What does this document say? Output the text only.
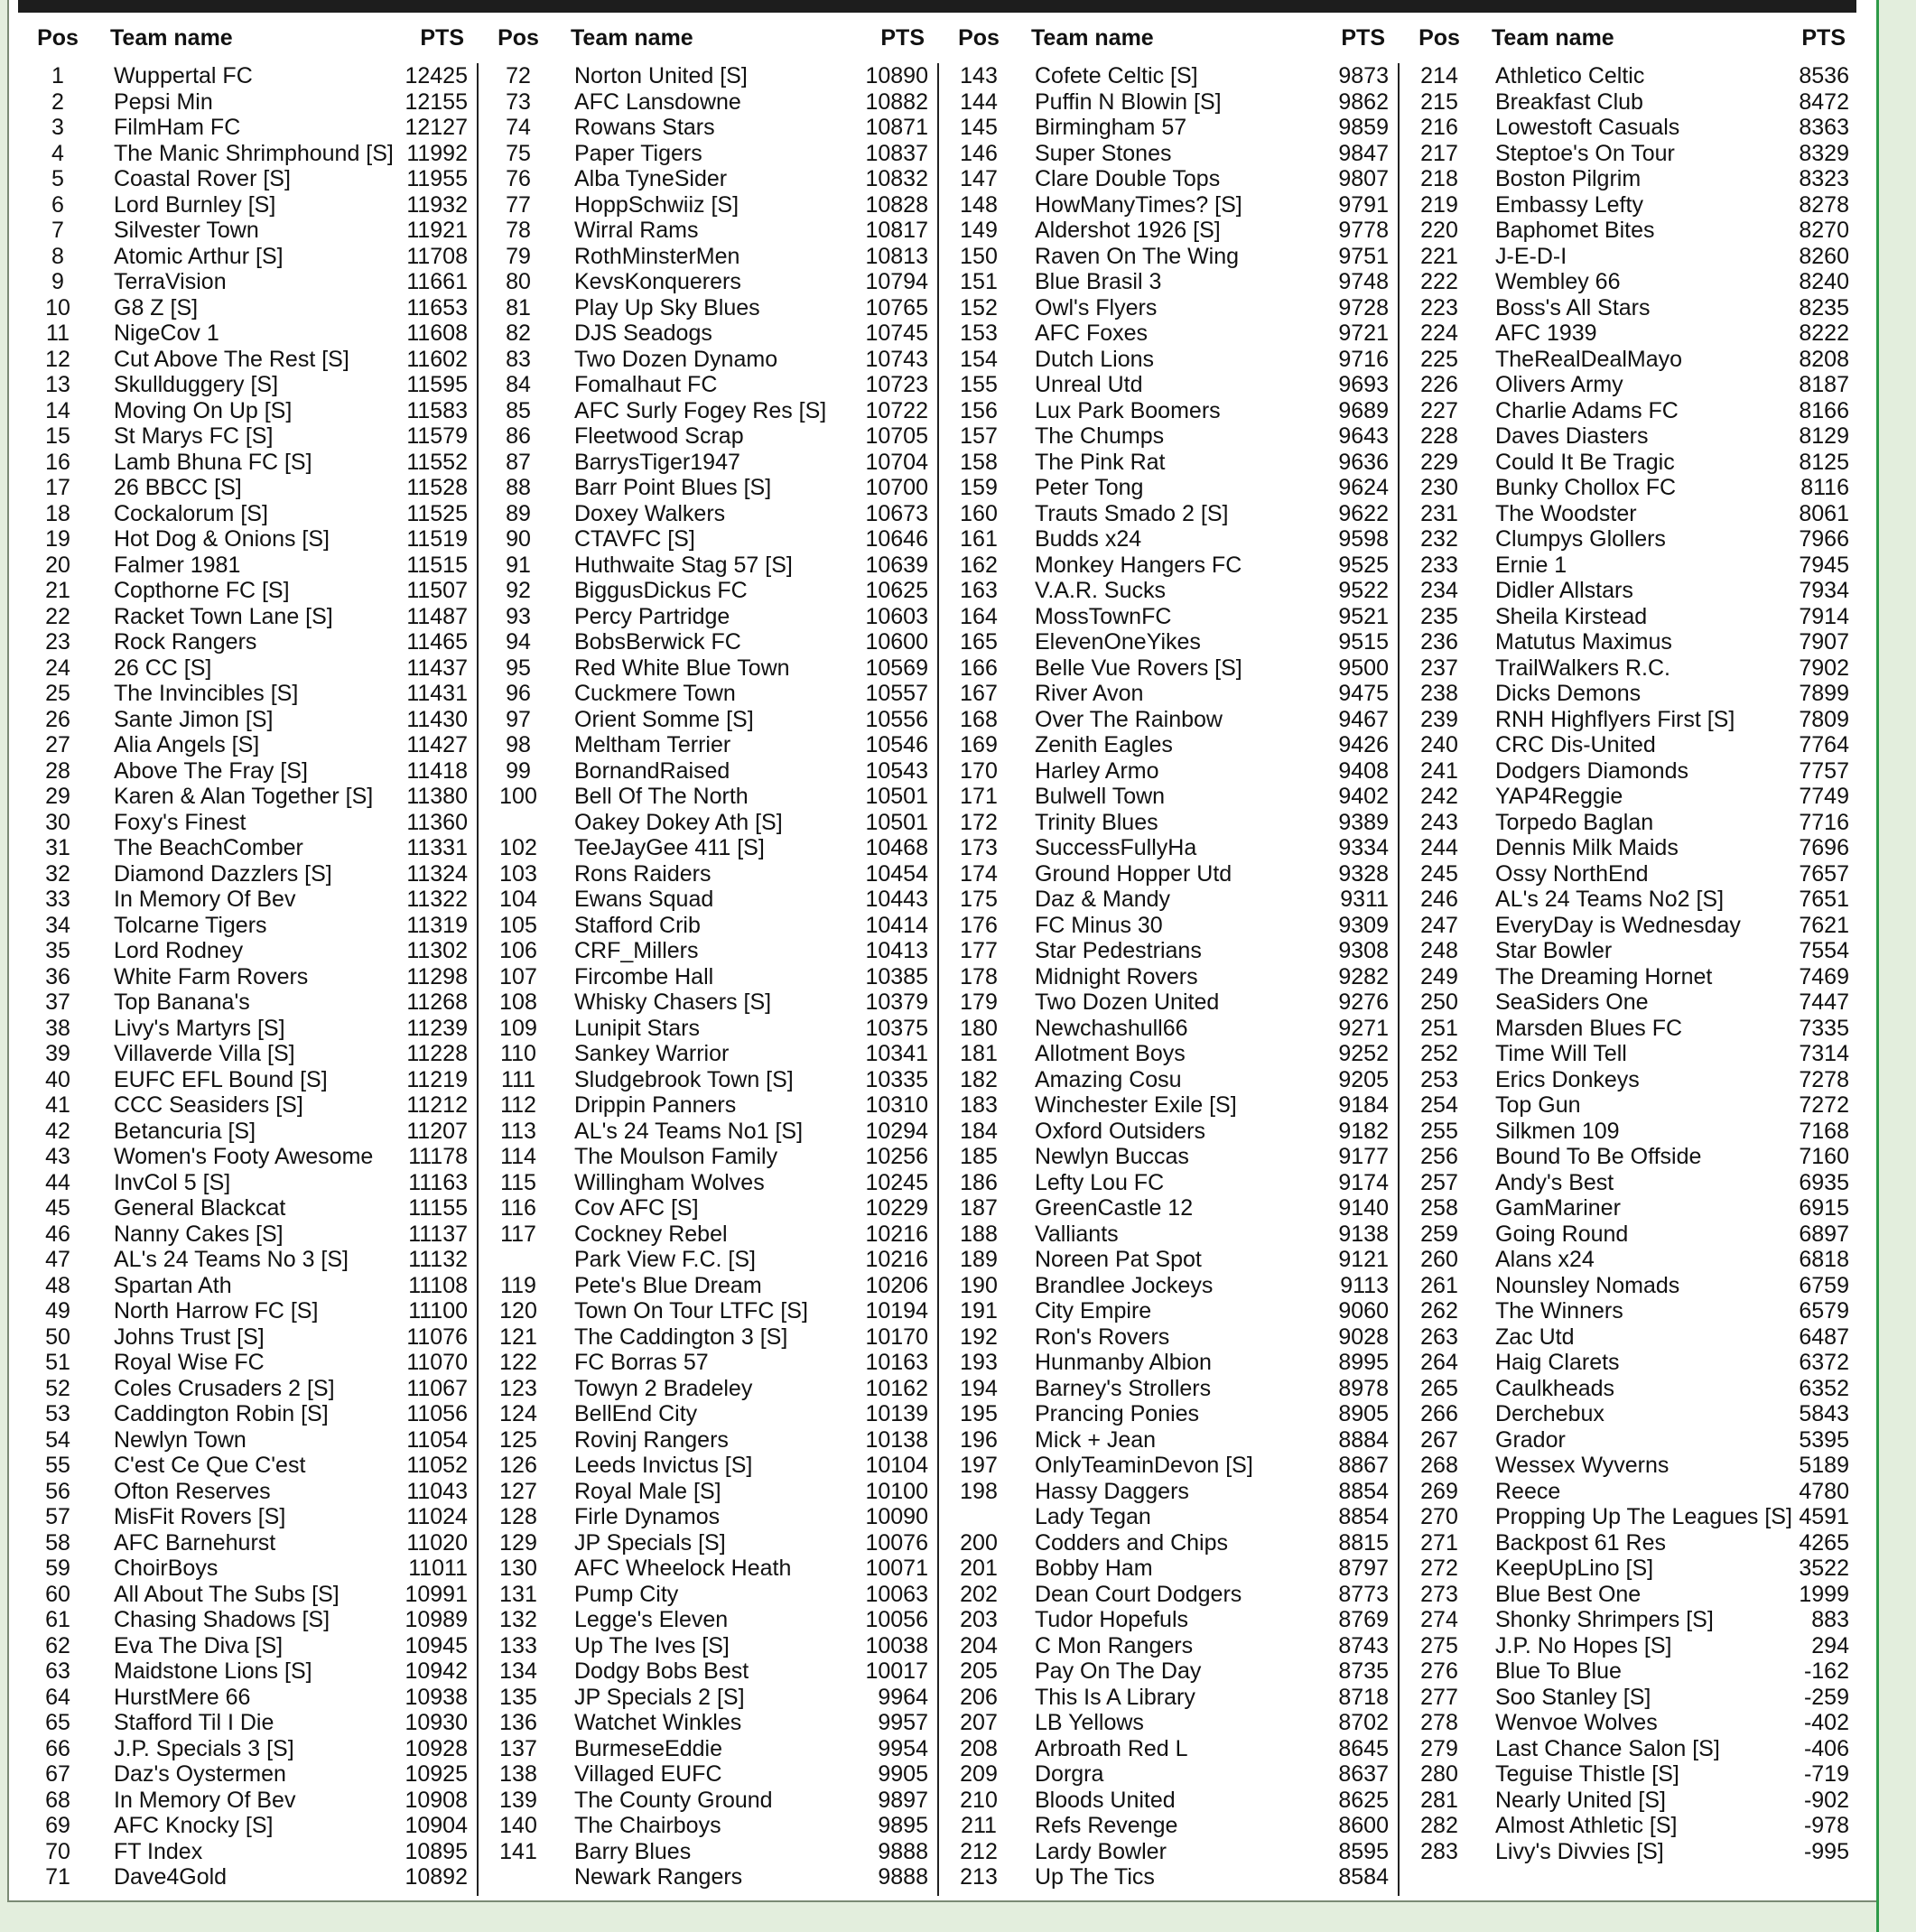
Pos	Team name	PTS
1	Wuppertal FC	12425
2	Pepsi Min	12155
3	FilmHam FC	12127
4	The Manic Shrimphound [S] 11992
5	Coastal Rover [S]	11955
6	Lord Burnley [S]	11932
7	Silvester Town	11921
8	Atomic Arthur [S]	11708
9	TerraVision	11661
10	G8 Z [S]	11653
11	NigeCov 1	11608
12	Cut Above The Rest [S]	11602
13	Skullduggery [S]	11595
14	Moving On Up [S]	11583
15	St Marys FC [S]	11579
16	Lamb Bhuna FC [S]	11552
17	26 BBCC [S]	11528
18	Cockalorum [S]	11525
19	Hot Dog & Onions [S]	11519
20	Falmer 1981	11515
21	Copthorne FC [S]	11507
22	Racket Town Lane [S]	11487
23	Rock Rangers	11465
24	26 CC [S]	11437
25	The Invincibles [S]	11431
26	Sante Jimon [S]	11430
27	Alia Angels [S]	11427
28	Above The Fray [S]	11418
29	Karen & Alan Together [S]	11380
30	Foxy's Finest	11360
31	The BeachComber	11331
32	Diamond Dazzlers [S]	11324
33	In Memory Of Bev	11322
34	Tolcarne Tigers	11319
35	Lord Rodney	11302
36	White Farm Rovers	11298
37	Top Banana's	11268
38	Livy's Martyrs [S]	11239
39	Villaverde Villa [S]	11228
40	EUFC EFL Bound [S]	11219
41	CCC Seasiders [S]	11212
42	Betancuria [S]	11207
43	Women's Footy Awesome	11178
44	InvCol 5 [S]	11163
45	General Blackcat	11155
46	Nanny Cakes [S]	11137
47	AL's 24 Teams No 3 [S]	11132
48	Spartan Ath	11108
49	North Harrow FC [S]	11100
50	Johns Trust [S]	11076
51	Royal Wise FC	11070
52	Coles Crusaders 2 [S]	11067
53	Caddington Robin [S]	11056
54	Newlyn Town	11054
55	C'est Ce Que C'est	11052
56	Ofton Reserves	11043
57	MisFit Rovers [S]	11024
58	AFC Barnehurst	11020
59	ChoirBoys	11011
60	All About The Subs [S]	10991
61	Chasing Shadows [S]	10989
62	Eva The Diva [S]	10945
63	Maidstone Lions [S]	10942
64	HurstMere 66	10938
65	Stafford Til I Die	10930
66	J.P. Specials 3 [S]	10928
67	Daz's Oystermen	10925
68	In Memory Of Bev	10908
69	AFC Knocky [S]	10904
70	FT Index	10895
71	Dave4Gold	10892
Pos	Team name	PTS
72	Norton United [S]	10890
73	AFC Lansdowne	10882
74	Rowans Stars	10871
75	Paper Tigers	10837
76	Alba TyneSider	10832
77	HoppSchwiiz [S]	10828
78	Wirral Rams	10817
79	RothMinsterMen	10813
80	KevsKonquerers	10794
81	Play Up Sky Blues	10765
82	DJS Seadogs	10745
83	Two Dozen Dynamo	10743
84	Fomalhaut FC	10723
85	AFC Surly Fogey Res [S]	10722
86	Fleetwood Scrap	10705
87	BarrysTiger1947	10704
88	Barr Point Blues [S]	10700
89	Doxey Walkers	10673
90	CTAVFC [S]	10646
91	Huthwaite Stag 57 [S]	10639
92	BiggusDickus FC	10625
93	Percy Partridge	10603
94	BobsBerwick FC	10600
95	Red White Blue Town	10569
96	Cuckmere Town	10557
97	Orient Somme [S]	10556
98	Meltham Terrier	10546
99	BornandRaised	10543
100	Bell Of The North	10501
Oakey Dokey Ath [S]	10501
102	TeeJayGee 411 [S]	10468
103	Rons Raiders	10454
104	Ewans Squad	10443
105	Stafford Crib	10414
106	CRF_Millers	10413
107	Fircombe Hall	10385
108	Whisky Chasers [S]	10379
109	Lunipit Stars	10375
110	Sankey Warrior	10341
111	Sludgebrook Town [S]	10335
112	Drippin Panners	10310
113	AL's 24 Teams No1 [S]	10294
114	The Moulson Family	10256
115	Willingham Wolves	10245
116	Cov AFC [S]	10229
117	Cockney Rebel	10216
Park View F.C. [S]	10216
119	Pete's Blue Dream	10206
120	Town On Tour LTFC [S]	10194
121	The Caddington 3 [S]	10170
122	FC Borras 57	10163
123	Towyn 2 Bradeley	10162
124	BellEnd City	10139
125	Rovinj Rangers	10138
126	Leeds Invictus [S]	10104
127	Royal Male [S]	10100
128	Firle Dynamos	10090
129	JP Specials [S]	10076
130	AFC Wheelock Heath	10071
131	Pump City	10063
132	Legge's Eleven	10056
133	Up The Ives [S]	10038
134	Dodgy Bobs Best	10017
135	JP Specials 2 [S]	9964
136	Watchet Winkles	9957
137	BurmeseEddie	9954
138	Villaged EUFC	9905
139	The County Ground	9897
140	The Chairboys	9895
141	Barry Blues	9888
Newark Rangers	9888
Pos	Team name	PTS
143	Cofete Celtic [S]	9873
144	Puffin N Blowin [S]	9862
145	Birmingham 57	9859
146	Super Stones	9847
147	Clare Double Tops	9807
148	HowManyTimes? [S]	9791
149	Aldershot 1926 [S]	9778
150	Raven On The Wing	9751
151	Blue Brasil 3	9748
152	Owl's Flyers	9728
153	AFC Foxes	9721
154	Dutch Lions	9716
155	Unreal Utd	9693
156	Lux Park Boomers	9689
157	The Chumps	9643
158	The Pink Rat	9636
159	Peter Tong	9624
160	Trauts Smado 2 [S]	9622
161	Budds x24	9598
162	Monkey Hangers FC	9525
163	V.A.R. Sucks	9522
164	MossTownFC	9521
165	ElevenOneYikes	9515
166	Belle Vue Rovers [S]	9500
167	River Avon	9475
168	Over The Rainbow	9467
169	Zenith Eagles	9426
170	Harley Armo	9408
171	Bulwell Town	9402
172	Trinity Blues	9389
173	SuccessFullyHa	9334
174	Ground Hopper Utd	9328
175	Daz & Mandy	9311
176	FC Minus 30	9309
177	Star Pedestrians	9308
178	Midnight Rovers	9282
179	Two Dozen United	9276
180	Newchashull66	9271
181	Allotment Boys	9252
182	Amazing Cosu	9205
183	Winchester Exile [S]	9184
184	Oxford Outsiders	9182
185	Newlyn Buccas	9177
186	Lefty Lou FC	9174
187	GreenCastle 12	9140
188	Valliants	9138
189	Noreen Pat Spot	9121
190	Brandlee Jockeys	9113
191	City Empire	9060
192	Ron's Rovers	9028
193	Hunmanby Albion	8995
194	Barney's Strollers	8978
195	Prancing Ponies	8905
196	Mick + Jean	8884
197	OnlyTeaminDevon [S]	8867
198	Hassy Daggers	8854
Lady Tegan	8854
200	Codders and Chips	8815
201	Bobby Ham	8797
202	Dean Court Dodgers	8773
203	Tudor Hopefuls	8769
204	C Mon Rangers	8743
205	Pay On The Day	8735
206	This Is A Library	8718
207	LB Yellows	8702
208	Arbroath Red L	8645
209	Dorgra	8637
210	Bloods United	8625
211	Refs Revenge	8600
212	Lardy Bowler	8595
213	Up The Tics	8584
Pos	Team name	PTS
214	Athletico Celtic	8536
215	Breakfast Club	8472
216	Lowestoft Casuals	8363
217	Steptoe's On Tour	8329
218	Boston Pilgrim	8323
219	Embassy Lefty	8278
220	Baphomet Bites	8270
221	J-E-D-I	8260
222	Wembley 66	8240
223	Boss's All Stars	8235
224	AFC 1939	8222
225	TheRealDealMayo	8208
226	Olivers Army	8187
227	Charlie Adams FC	8166
228	Daves Diasters	8129
229	Could It Be Tragic	8125
230	Bunky Chollox FC	8116
231	The Woodster	8061
232	Clumpys Glollers	7966
233	Ernie 1	7945
234	Didler Allstars	7934
235	Sheila Kirstead	7914
236	Matutus Maximus	7907
237	TrailWalkers R.C.	7902
238	Dicks Demons	7899
239	RNH Highflyers First [S]	7809
240	CRC Dis-United	7764
241	Dodgers Diamonds	7757
242	YAP4Reggie	7749
243	Torpedo Baglan	7716
244	Dennis Milk Maids	7696
245	Ossy NorthEnd	7657
246	AL's 24 Teams No2 [S]	7651
247	EveryDay is Wednesday	7621
248	Star Bowler	7554
249	The Dreaming Hornet	7469
250	SeaSiders One	7447
251	Marsden Blues FC	7335
252	Time Will Tell	7314
253	Erics Donkeys	7278
254	Top Gun	7272
255	Silkmen 109	7168
256	Bound To Be Offside	7160
257	Andy's Best	6935
258	GamMariner	6915
259	Going Round	6897
260	Alans x24	6818
261	Nounsley Nomads	6759
262	The Winners	6579
263	Zac Utd	6487
264	Haig Clarets	6372
265	Caulkheads	6352
266	Derchebux	5843
267	Grador	5395
268	Wessex Wyverns	5189
269	Reece	4780
270	Propping Up The Leagues [S] 4591
271	Backpost 61 Res	4265
272	KeepUpLino [S]	3522
273	Blue Best One	1999
274	Shonky Shrimpers [S]	883
275	J.P. No Hopes [S]	294
276	Blue To Blue	-162
277	Soo Stanley [S]	-259
278	Wenvoe Wolves	-402
279	Last Chance Salon [S]	-406
280	Teguise Thistle [S]	-719
281	Nearly United [S]	-902
282	Almost Athletic [S]	-978
283	Livy's Divvies [S]	-995
